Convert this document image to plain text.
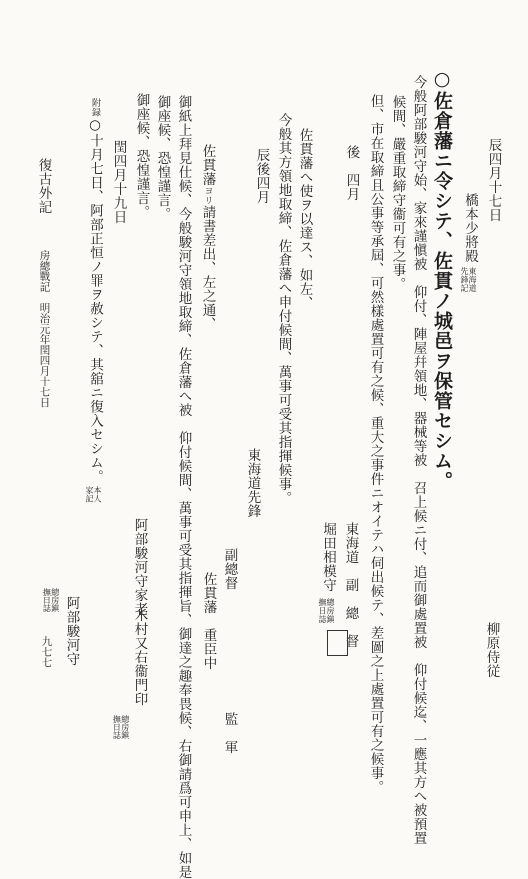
辰四月十七日
柳原侍従
橋本少將殿東海道
先鋒記
○佐倉藩ニ令シテ、佐貫ノ城邑ヲ保管セシム。
今般阿部駿河守始、家來謹愼被　仰付、陣屋幷領地、器械等被　召上候ニ付、追而御處置被　仰付候迄、一應其方へ被預置
候間、嚴重取締守衞可有之事。
但、市在取締且公事等承屆、可然樣處置可有之候、重大之事件ニオイテハ伺出候テ、差圖之上處置可有之候事。
後　四月
東海道　副　總　督
堀田相模守總房鎭
撫日誌
佐貫藩へ使ヲ以達ス、如左、
今般其方領地取締、佐倉藩へ申付候間、萬事可受其指揮候事。
辰後四月
東海道先鋒
副總督
監　軍
佐貫藩　重臣中
佐貫藩ヨリ請書差出、左之通、
御紙上拜見仕候、今般駿河守領地取締、佐倉藩へ被　仰付候間、萬事可受其指揮旨、御達之趣奉畏候、右御請爲可申上、如是
御座候、恐惶謹言。
御座候、恐惶謹言。
閏四月十九日
阿部駿河守家老
木村又右衞門印
總房鎭
撫日誌
附録○十月七日、阿部正恒ノ罪ヲ赦シテ、其舘ニ復入セシム。本人
家記
阿部駿河守
復古外記
總房鎭
撫日誌
房總戰記　明治元年閏四月十七日
九七七
